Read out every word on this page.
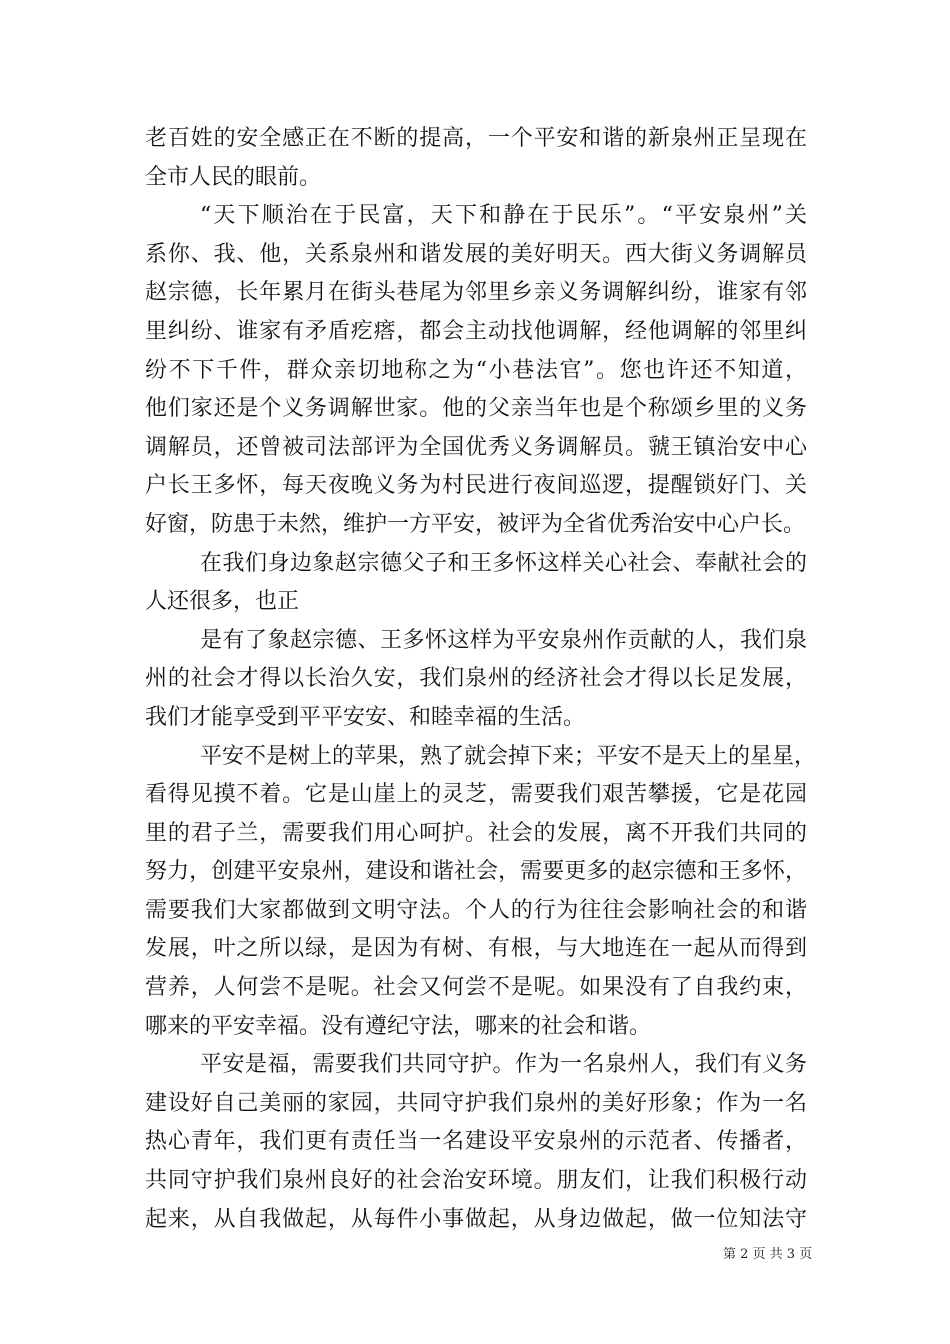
老百姓的安全感正在不断的提高，一个平安和谐的新泉州正呈现在
全市人民的眼前。
“天下顺治在于民富，天下和静在于民乐”。“平安泉州”关
系你、我、他，关系泉州和谐发展的美好明天。西大街义务调解员
赵宗德，长年累月在街头巷尾为邻里乡亲义务调解纠纷，谁家有邻
里纠纷、谁家有矛盾疙瘩，都会主动找他调解，经他调解的邻里纠
纷不下千件，群众亲切地称之为“小巷法官”。您也许还不知道，
他们家还是个义务调解世家。他的父亲当年也是个称颂乡里的义务
调解员，还曾被司法部评为全国优秀义务调解员。虢王镇治安中心
户长王多怀，每天夜晚义务为村民进行夜间巡逻，提醒锁好门、关
好窗，防患于未然，维护一方平安，被评为全省优秀治安中心户长。
在我们身边象赵宗德父子和王多怀这样关心社会、奉献社会的
人还很多，也正
是有了象赵宗德、王多怀这样为平安泉州作贡献的人，我们泉
州的社会才得以长治久安，我们泉州的经济社会才得以长足发展，
我们才能享受到平平安安、和睦幸福的生活。
平安不是树上的苹果，熟了就会掉下来；平安不是天上的星星，
看得见摸不着。它是山崖上的灵芝，需要我们艰苦攀援，它是花园
里的君子兰，需要我们用心呵护。社会的发展，离不开我们共同的
努力，创建平安泉州，建设和谐社会，需要更多的赵宗德和王多怀，
需要我们大家都做到文明守法。个人的行为往往会影响社会的和谐
发展，叶之所以绿，是因为有树、有根，与大地连在一起从而得到
营养，人何尝不是呢。社会又何尝不是呢。如果没有了自我约束，
哪来的平安幸福。没有遵纪守法，哪来的社会和谐。
平安是福，需要我们共同守护。作为一名泉州人，我们有义务
建设好自己美丽的家园，共同守护我们泉州的美好形象；作为一名
热心青年，我们更有责任当一名建设平安泉州的示范者、传播者，
共同守护我们泉州良好的社会治安环境。朋友们，让我们积极行动
起来，从自我做起，从每件小事做起，从身边做起，做一位知法守
第 2 页 共 3 页
